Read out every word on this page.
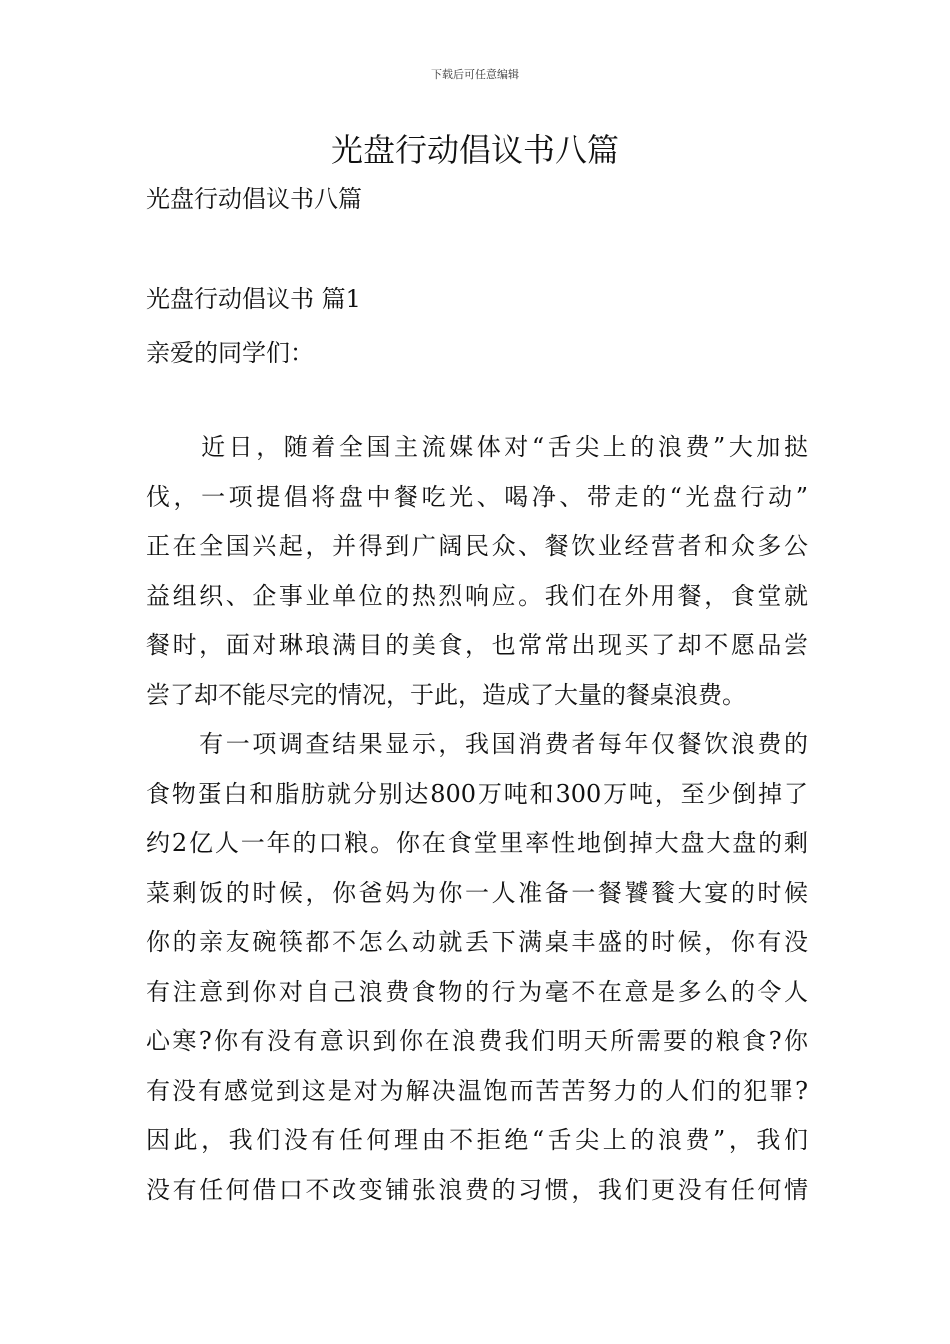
下载后可任意编辑
光盘行动倡议书八篇

光盘行动倡议书八篇

光盘行动倡议书 篇1

亲爱的同学们：

　　近日，随着全国主流媒体对“舌尖上的浪费”大加挞
伐，一项提倡将盘中餐吃光、喝净、带走的“光盘行动”
正在全国兴起，并得到广阔民众、餐饮业经营者和众多公
益组织、企事业单位的热烈响应。我们在外用餐，食堂就
餐时，面对琳琅满目的美食，也常常出现买了却不愿品尝
尝了却不能尽完的情况，于此，造成了大量的餐桌浪费。
　　有一项调查结果显示，我国消费者每年仅餐饮浪费的
食物蛋白和脂肪就分别达800万吨和300万吨，至少倒掉了
约2亿人一年的口粮。你在食堂里率性地倒掉大盘大盘的剩
菜剩饭的时候，你爸妈为你一人准备一餐饕餮大宴的时候
你的亲友碗筷都不怎么动就丢下满桌丰盛的时候，你有没
有注意到你对自己浪费食物的行为毫不在意是多么的令人
心寒?你有没有意识到你在浪费我们明天所需要的粮食?你
有没有感觉到这是对为解决温饱而苦苦努力的人们的犯罪?
因此，我们没有任何理由不拒绝“舌尖上的浪费”，我们
没有任何借口不改变铺张浪费的习惯，我们更没有任何情
